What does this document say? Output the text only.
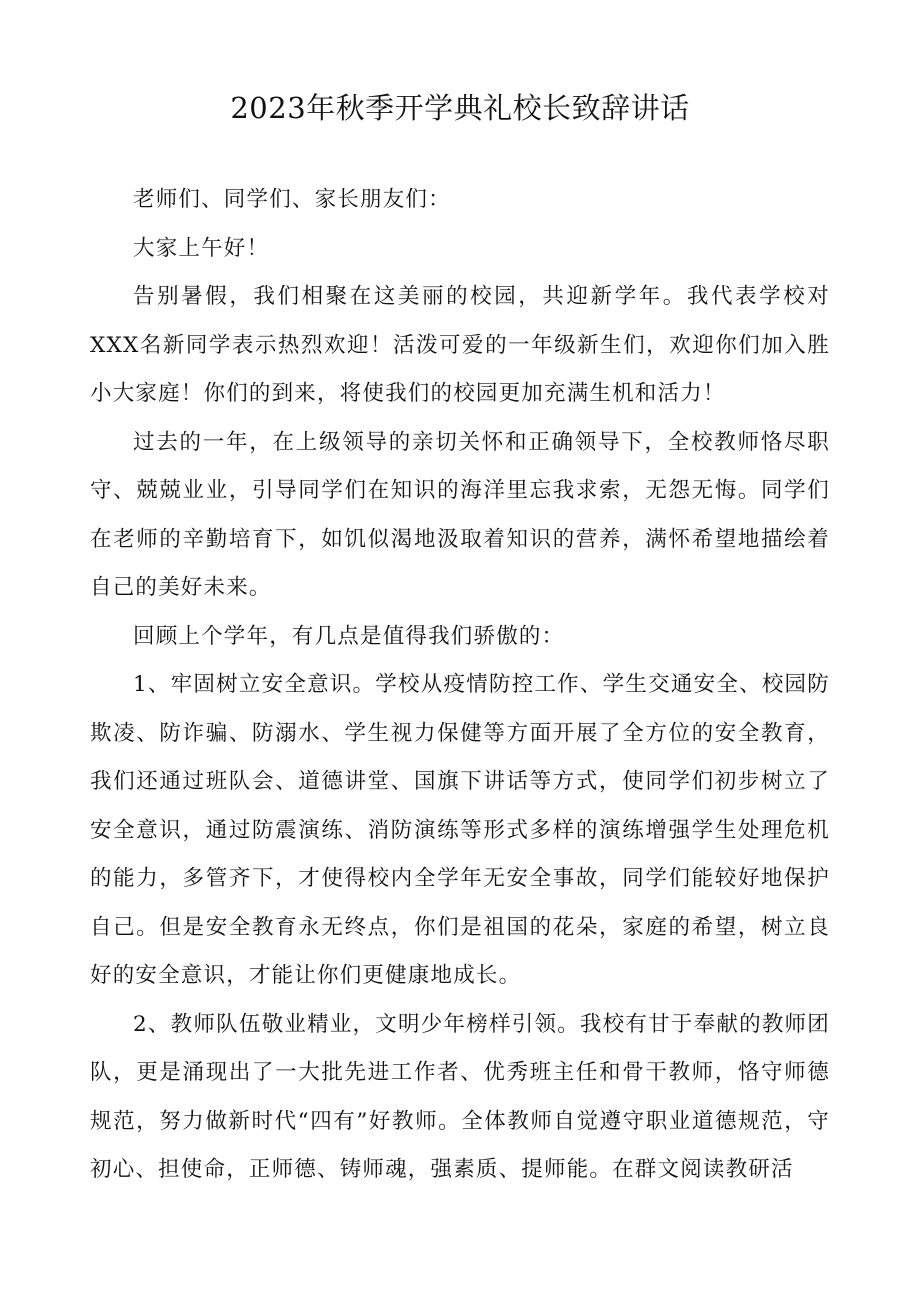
2023年秋季开学典礼校长致辞讲话

老师们、同学们、家长朋友们：

大家上午好！

告别暑假，我们相聚在这美丽的校园，共迎新学年。我代表学校对XXX名新同学表示热烈欢迎！活泼可爱的一年级新生们，欢迎你们加入胜小大家庭！你们的到来，将使我们的校园更加充满生机和活力！

过去的一年，在上级领导的亲切关怀和正确领导下，全校教师恪尽职守、兢兢业业，引导同学们在知识的海洋里忘我求索，无怨无悔。同学们在老师的辛勤培育下，如饥似渴地汲取着知识的营养，满怀希望地描绘着自己的美好未来。

回顾上个学年，有几点是值得我们骄傲的：

1、牢固树立安全意识。学校从疫情防控工作、学生交通安全、校园防欺凌、防诈骗、防溺水、学生视力保健等方面开展了全方位的安全教育，我们还通过班队会、道德讲堂、国旗下讲话等方式，使同学们初步树立了安全意识，通过防震演练、消防演练等形式多样的演练增强学生处理危机的能力，多管齐下，才使得校内全学年无安全事故，同学们能较好地保护自己。但是安全教育永无终点，你们是祖国的花朵，家庭的希望，树立良好的安全意识，才能让你们更健康地成长。

2、教师队伍敬业精业，文明少年榜样引领。我校有甘于奉献的教师团队，更是涌现出了一大批先进工作者、优秀班主任和骨干教师，恪守师德规范，努力做新时代“四有”好教师。全体教师自觉遵守职业道德规范，守初心、担使命，正师德、铸师魂，强素质、提师能。在群文阅读教研活
